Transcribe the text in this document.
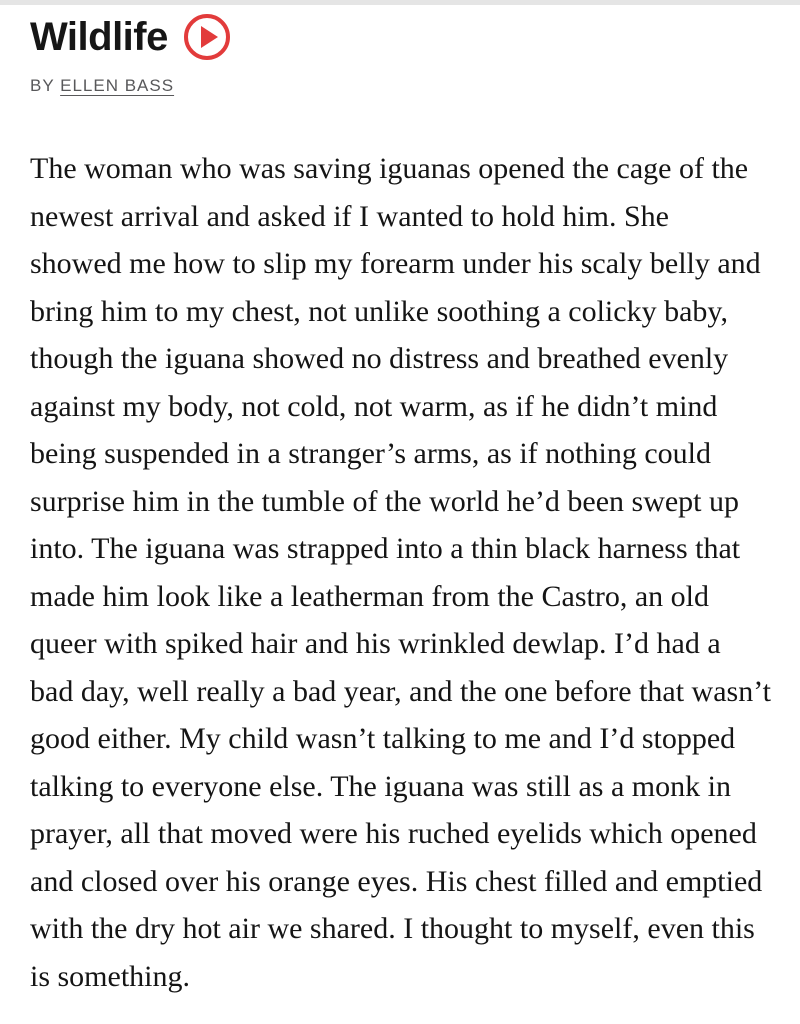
Wildlife

BY ELLEN BASS

The woman who was saving iguanas opened the cage of the
newest arrival and asked if I wanted to hold him. She
showed me how to slip my forearm under his scaly belly and
bring him to my chest, not unlike soothing a colicky baby,
though the iguana showed no distress and breathed evenly
against my body, not cold, not warm, as if he didn’t mind
being suspended in a stranger’s arms, as if nothing could
surprise him in the tumble of the world he’d been swept up
into. The iguana was strapped into a thin black harness that
made him look like a leatherman from the Castro, an old
queer with spiked hair and his wrinkled dewlap. I’d had a
bad day, well really a bad year, and the one before that wasn’t
good either. My child wasn’t talking to me and I’d stopped
talking to everyone else. The iguana was still as a monk in
prayer, all that moved were his ruched eyelids which opened
and closed over his orange eyes. His chest filled and emptied
with the dry hot air we shared. I thought to myself, even this
is something.
